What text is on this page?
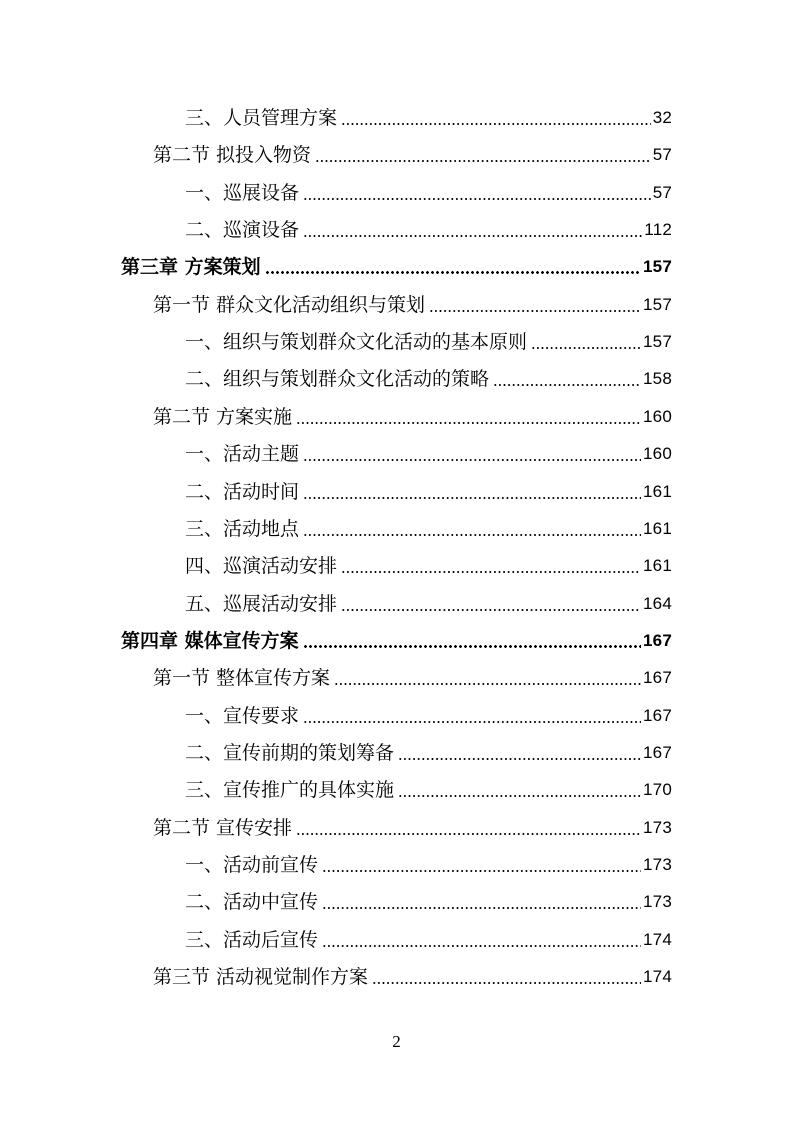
三、人员管理方案	32
第二节 拟投入物资	57
一、巡展设备	57
二、巡演设备	112
第三章 方案策划	157
第一节 群众文化活动组织与策划	157
一、组织与策划群众文化活动的基本原则	157
二、组织与策划群众文化活动的策略	158
第二节 方案实施	160
一、活动主题	160
二、活动时间	161
三、活动地点	161
四、巡演活动安排	161
五、巡展活动安排	164
第四章 媒体宣传方案	167
第一节 整体宣传方案	167
一、宣传要求	167
二、宣传前期的策划筹备	167
三、宣传推广的具体实施	170
第二节 宣传安排	173
一、活动前宣传	173
二、活动中宣传	173
三、活动后宣传	174
第三节 活动视觉制作方案	174
2
